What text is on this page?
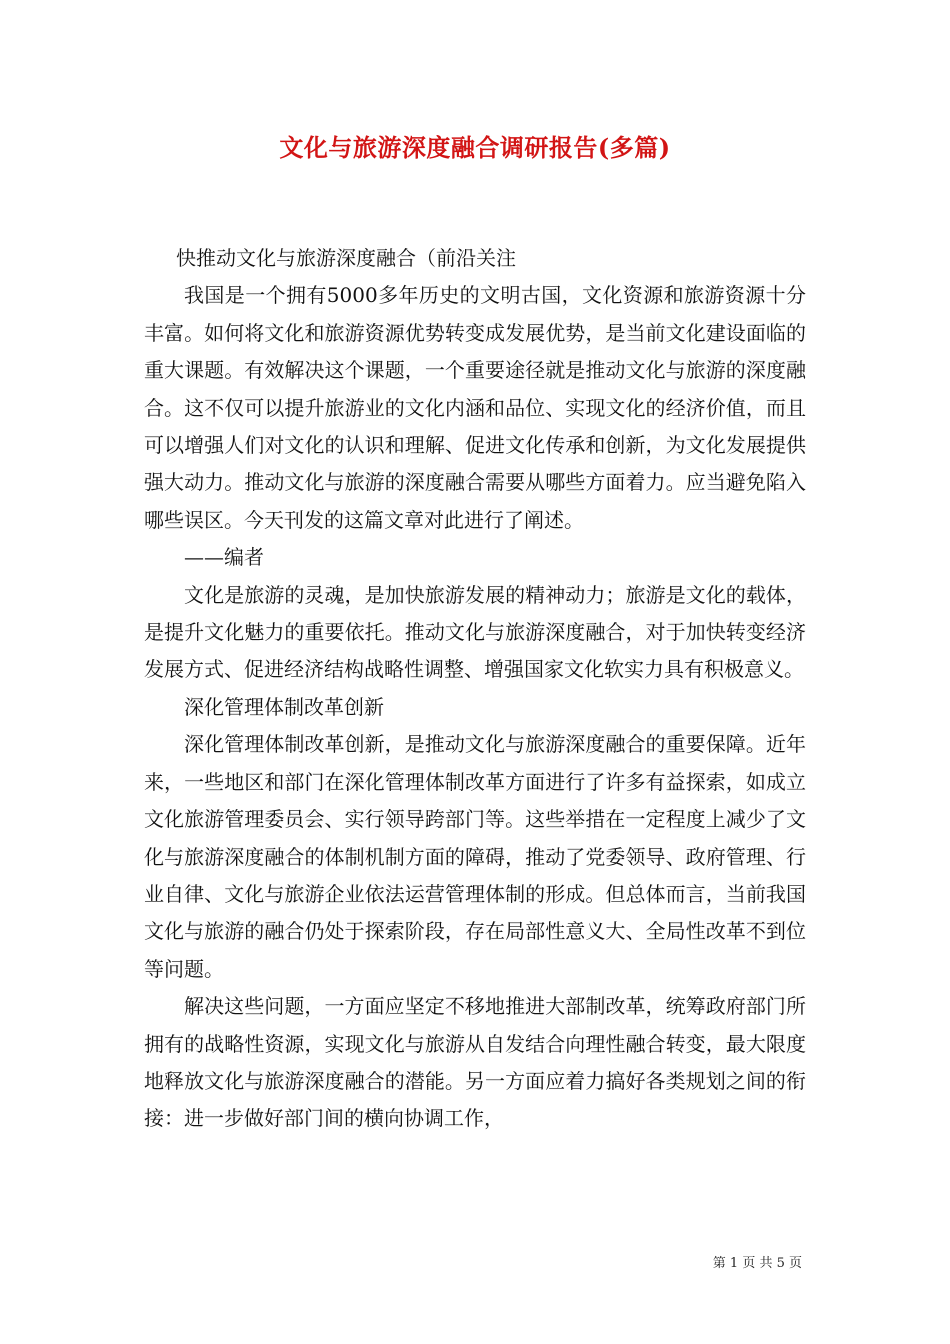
文化与旅游深度融合调研报告(多篇)

快推动文化与旅游深度融合（前沿关注

我国是一个拥有5000多年历史的文明古国，文化资源和旅游资源十分丰富。如何将文化和旅游资源优势转变成发展优势，是当前文化建设面临的重大课题。有效解决这个课题，一个重要途径就是推动文化与旅游的深度融合。这不仅可以提升旅游业的文化内涵和品位、实现文化的经济价值，而且可以增强人们对文化的认识和理解、促进文化传承和创新，为文化发展提供强大动力。推动文化与旅游的深度融合需要从哪些方面着力。应当避免陷入哪些误区。今天刊发的这篇文章对此进行了阐述。

——编者

文化是旅游的灵魂，是加快旅游发展的精神动力；旅游是文化的载体，是提升文化魅力的重要依托。推动文化与旅游深度融合，对于加快转变经济发展方式、促进经济结构战略性调整、增强国家文化软实力具有积极意义。

深化管理体制改革创新

深化管理体制改革创新，是推动文化与旅游深度融合的重要保障。近年来，一些地区和部门在深化管理体制改革方面进行了许多有益探索，如成立文化旅游管理委员会、实行领导跨部门等。这些举措在一定程度上减少了文化与旅游深度融合的体制机制方面的障碍，推动了党委领导、政府管理、行业自律、文化与旅游企业依法运营管理体制的形成。但总体而言，当前我国文化与旅游的融合仍处于探索阶段，存在局部性意义大、全局性改革不到位等问题。

解决这些问题，一方面应坚定不移地推进大部制改革，统筹政府部门所拥有的战略性资源，实现文化与旅游从自发结合向理性融合转变，最大限度地释放文化与旅游深度融合的潜能。另一方面应着力搞好各类规划之间的衔接：进一步做好部门间的横向协调工作，

第 1 页 共 5 页
